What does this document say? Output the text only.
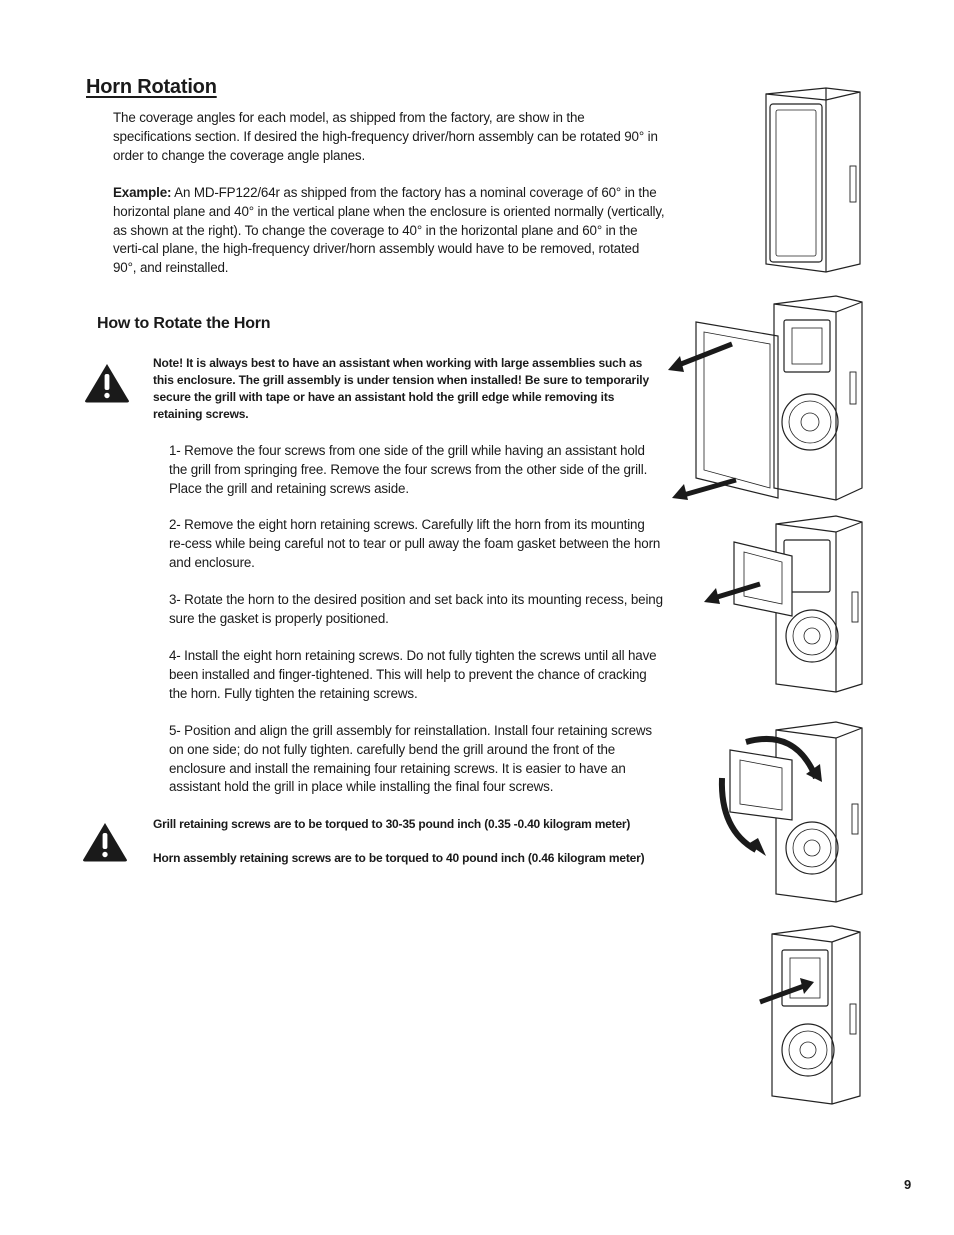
Horn Rotation
The coverage angles for each model, as shipped from the factory, are show in the specifications section. If desired the high-frequency driver/horn assembly can be rotated 90° in order to change the coverage angle planes.
Example: An MD-FP122/64r as shipped from the factory has a nominal coverage of 60° in the horizontal plane and 40° in the vertical plane when the enclosure is oriented normally (vertically, as shown at the right). To change the coverage to 40° in the horizontal plane and 60° in the verti-cal plane, the high-frequency driver/horn assembly would have to be removed, rotated 90°, and reinstalled.
How to Rotate the Horn
Note! It is always best to have an assistant when working with large assemblies such as this enclosure. The grill assembly is under tension when installed! Be sure to temporarily secure the grill with tape or have an assistant hold the grill edge while removing its retaining screws.
1- Remove the four screws from one side of the grill while having an assistant hold the grill from springing free. Remove the four screws from the other side of the grill. Place the grill and retaining screws aside.
2- Remove the eight horn retaining screws. Carefully lift the horn from its mounting re-cess while being careful not to tear or pull away the foam gasket between the horn and enclosure.
3- Rotate the horn to the desired position and set back into its mounting recess, being sure the gasket is properly positioned.
4- Install the eight horn retaining screws. Do not fully tighten the screws until all have been installed and finger-tightened. This will help to prevent the chance of cracking the horn. Fully tighten the retaining screws.
5- Position and align the grill assembly for reinstallation. Install four retaining screws on one side; do not fully tighten. carefully bend the grill around the front of the enclosure and install the remaining four retaining screws. It is easier to have an assistant hold the grill in place while installing the final four screws.
Grill retaining screws are to be torqued to 30-35 pound inch (0.35 -0.40 kilogram meter)
Horn assembly retaining screws are to be torqued to 40 pound inch (0.46 kilogram meter)
9
